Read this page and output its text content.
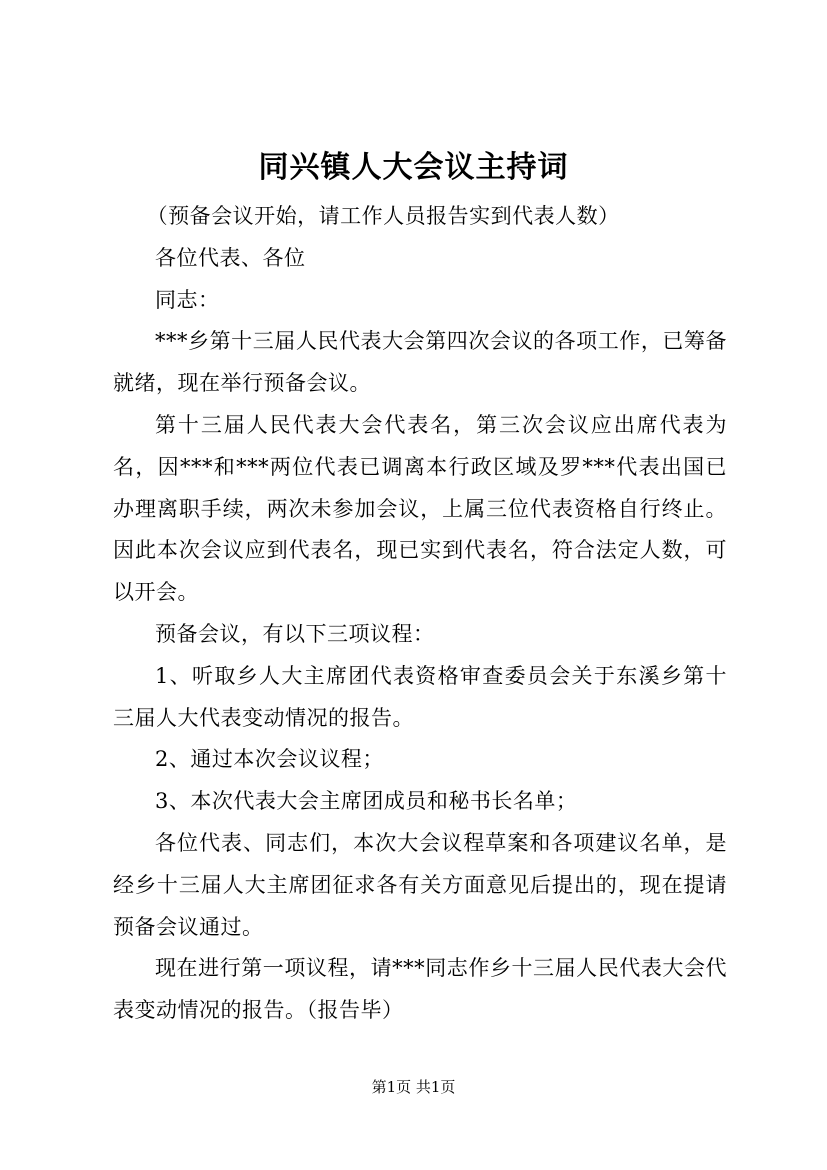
同兴镇人大会议主持词

（预备会议开始，请工作人员报告实到代表人数）

各位代表、各位

同志：

***乡第十三届人民代表大会第四次会议的各项工作，已筹备就绪，现在举行预备会议。

第十三届人民代表大会代表名，第三次会议应出席代表为名，因***和***两位代表已调离本行政区域及罗***代表出国已办理离职手续，两次未参加会议，上属三位代表资格自行终止。因此本次会议应到代表名，现已实到代表名，符合法定人数，可以开会。

预备会议，有以下三项议程：

1、听取乡人大主席团代表资格审查委员会关于东溪乡第十三届人大代表变动情况的报告。

2、通过本次会议议程；

3、本次代表大会主席团成员和秘书长名单；

各位代表、同志们，本次大会议程草案和各项建议名单，是经乡十三届人大主席团征求各有关方面意见后提出的，现在提请预备会议通过。

现在进行第一项议程，请***同志作乡十三届人民代表大会代表变动情况的报告。（报告毕）

第1页 共1页
